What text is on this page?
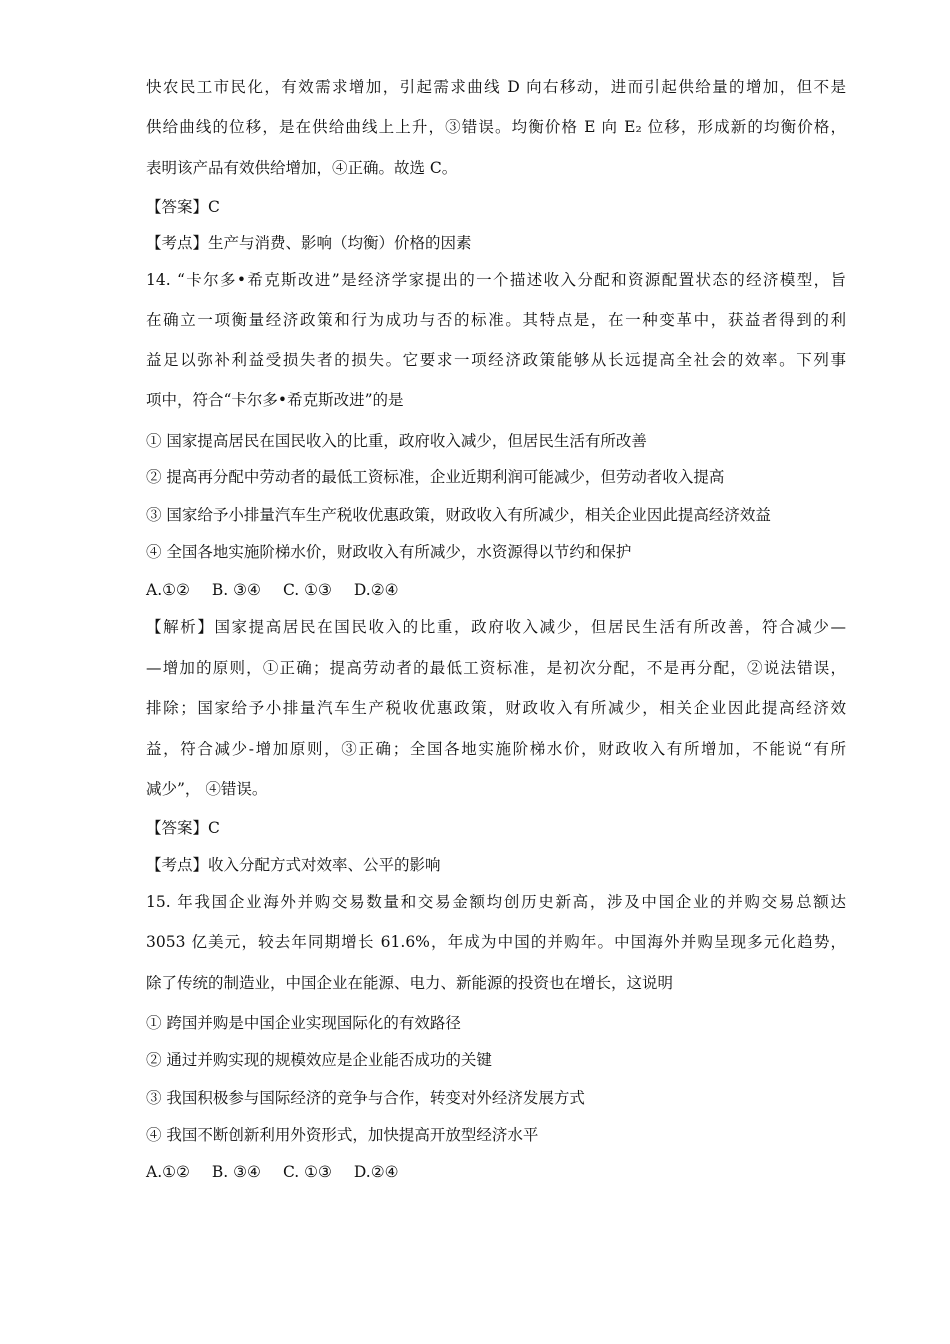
快农民工市民化，有效需求增加，引起需求曲线 D 向右移动，进而引起供给量的增加，但不是
供给曲线的位移，是在供给曲线上上升，③错误。均衡价格 E 向 E₂ 位移，形成新的均衡价格，
表明该产品有效供给增加，④正确。故选 C。
【答案】C
【考点】生产与消费、影响（均衡）价格的因素
14. “卡尔多•希克斯改进”是经济学家提出的一个描述收入分配和资源配置状态的经济模型，旨
在确立一项衡量经济政策和行为成功与否的标准。其特点是，在一种变革中，获益者得到的利
益足以弥补利益受损失者的损失。它要求一项经济政策能够从长远提高全社会的效率。下列事
项中，符合“卡尔多•希克斯改进”的是
① 国家提高居民在国民收入的比重，政府收入减少，但居民生活有所改善
② 提高再分配中劳动者的最低工资标准，企业近期利润可能减少，但劳动者收入提高
③ 国家给予小排量汽车生产税收优惠政策，财政收入有所减少，相关企业因此提高经济效益
④ 全国各地实施阶梯水价，财政收入有所减少，水资源得以节约和保护
A.①② B. ③④ C. ①③ D.②④
【解析】国家提高居民在国民收入的比重，政府收入减少，但居民生活有所改善，符合减少—
—增加的原则，①正确；提高劳动者的最低工资标准，是初次分配，不是再分配，②说法错误，
排除；国家给予小排量汽车生产税收优惠政策，财政收入有所减少，相关企业因此提高经济效
益，符合减少-增加原则，③正确；全国各地实施阶梯水价，财政收入有所增加，不能说“有所
减少”， ④错误。
【答案】C
【考点】收入分配方式对效率、公平的影响
15. 年我国企业海外并购交易数量和交易金额均创历史新高，涉及中国企业的并购交易总额达
3053 亿美元，较去年同期增长 61.6%，年成为中国的并购年。中国海外并购呈现多元化趋势，
除了传统的制造业，中国企业在能源、电力、新能源的投资也在增长，这说明
① 跨国并购是中国企业实现国际化的有效路径
② 通过并购实现的规模效应是企业能否成功的关键
③ 我国积极参与国际经济的竞争与合作，转变对外经济发展方式
④ 我国不断创新利用外资形式，加快提高开放型经济水平
A.①② B. ③④ C. ①③ D.②④
